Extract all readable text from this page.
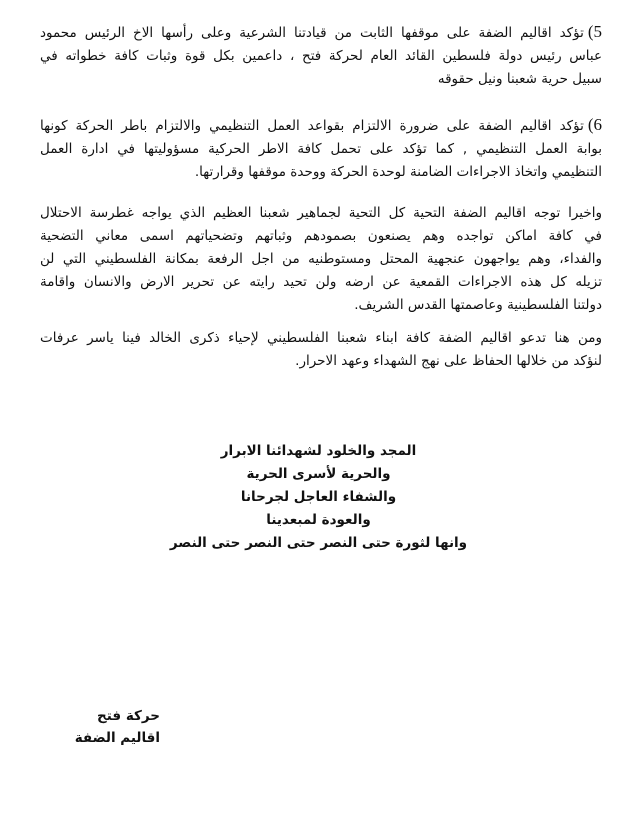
5)تؤكد اقاليم الضفة على موقفها الثابت من قيادتنا الشرعية وعلى رأسها الاخ الرئيس محمود
عباس رئيس دولة فلسطين القائد العام لحركة فتح ، داعمين بكل قوة وثبات كافة خطواته في
سبيل حرية شعبنا ونيل حقوقه
6)تؤكد اقاليم الضفة على ضرورة الالتزام بقواعد العمل التنظيمي والالتزام باطر الحركة كونها
بوابة العمل التنظيمي , كما تؤكد على تحمل كافة الاطر الحركية مسؤوليتها في ادارة العمل
التنظيمي واتخاذ الاجراءات الضامنة لوحدة الحركة ووحدة موقفها وقرارتها.
واخيرا توجه اقاليم الضفة التحية كل التحية لجماهير شعبنا العظيم الذي يواجه غطرسة الاحتلال
في كافة اماكن تواجده وهم يصنعون بصمودهم وثباتهم وتضحياتهم اسمى معاني التضحية
والفداء، وهم يواجهون عنجهية المحتل ومستوطنيه من اجل الرفعة بمكانة الفلسطيني التي لن
تزيله كل هذه الاجراءات القمعية عن ارضه ولن تحيد رايته عن تحرير الارض والانسان واقامة
دولتنا الفلسطينية وعاصمتها القدس الشريف.
ومن هنا تدعو اقاليم الضفة كافة ابناء شعبنا الفلسطيني لإحياء ذكرى الخالد فينا ياسر عرفات
لنؤكد من خلالها الحفاظ على نهج الشهداء وعهد الاحرار.
المجد والخلود لشهدائنا الابرار
والحرية لأسرى الحرية
والشفاء العاجل لجرحانا
والعودة لمبعدينا
وانها لثورة حتى النصر حتى النصر حتى النصر
حركة فتح
اقاليم الضفة
